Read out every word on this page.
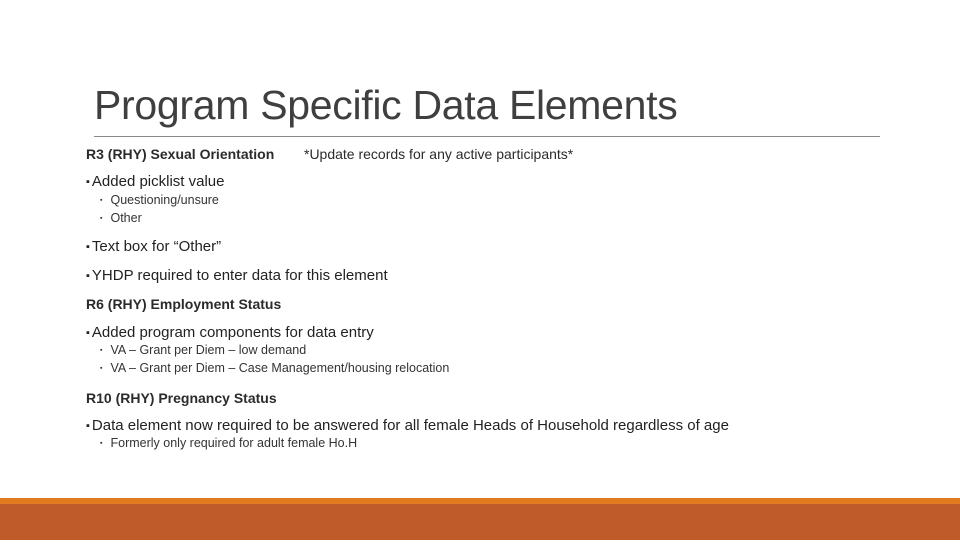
Program Specific Data Elements
R3 (RHY) Sexual Orientation *Update records for any active participants*
▪ Added picklist value
▪ Questioning/unsure
▪ Other
▪ Text box for “Other”
▪ YHDP required to enter data for this element
R6 (RHY) Employment Status
▪ Added program components for data entry
▪ VA – Grant per Diem – low demand
▪ VA – Grant per Diem – Case Management/housing relocation
R10 (RHY) Pregnancy Status
▪ Data element now required to be answered for all female Heads of Household regardless of age
▪ Formerly only required for adult female Ho.H
